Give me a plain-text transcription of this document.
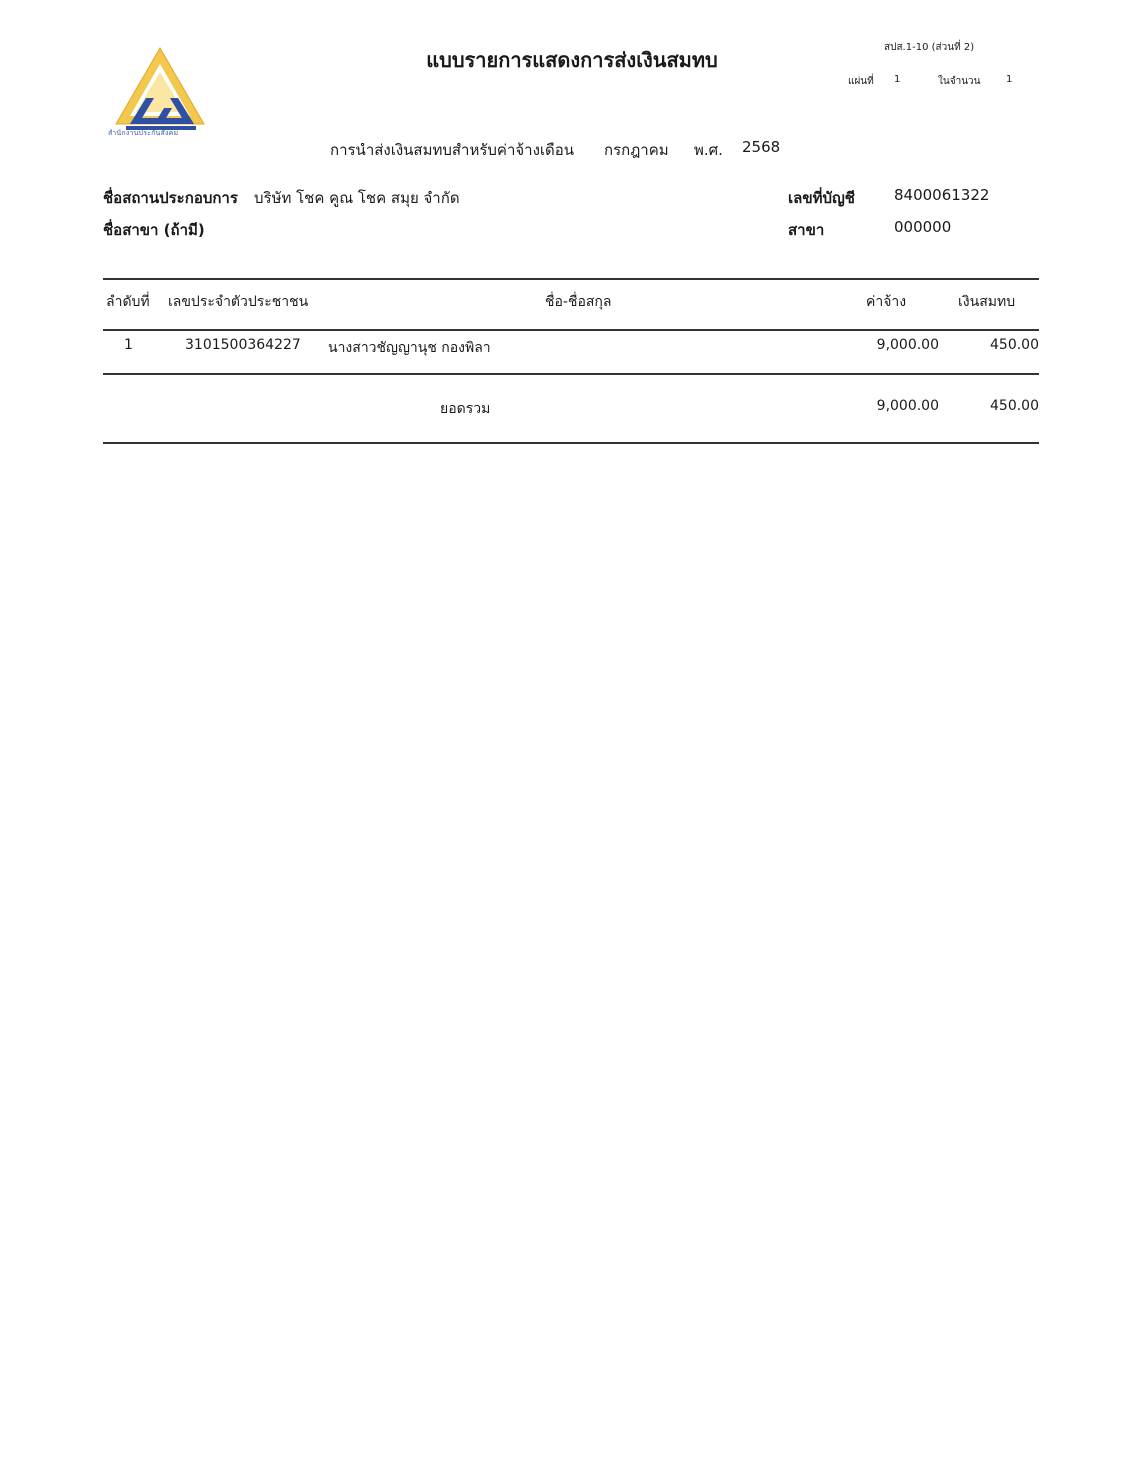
สำนักงานประกันสังคม
แบบรายการแสดงการส่งเงินสมทบ
สปส.1-10 (ส่วนที่ 2)
แผ่นที่ 1	ในจำนวน	1
การนำส่งเงินสมทบสำหรับค่าจ้างเดือน กรกฎาคม พ.ศ. 2568
ชื่อสถานประกอบการ บริษัท โชค คูณ โชค สมุย จำกัด
ชื่อสาขา (ถ้ามี)
เลขที่บัญชี	8400061322
สาขา	000000
ลำดับที่ เลขประจำตัวประชาชน	ชื่อ-ชื่อสกุล	ค่าจ้าง	เงินสมทบ
1	3101500364227 นางสาวชัญญานุช กองพิลา	9,000.00	450.00
ยอดรวม	9,000.00	450.00
